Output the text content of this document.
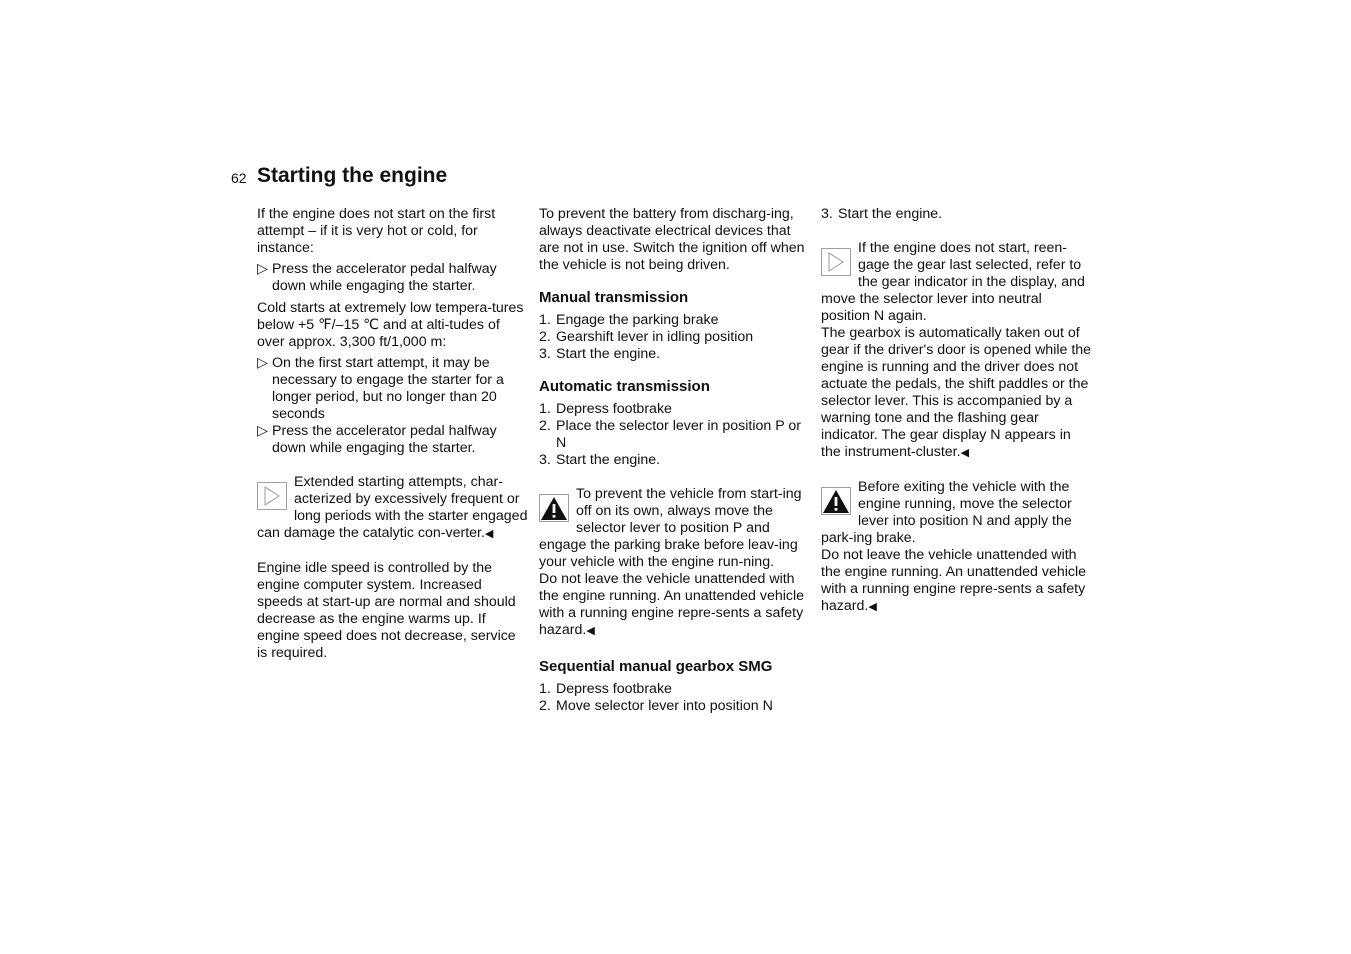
62 Starting the engine

If the engine does not start on the first attempt – if it is very hot or cold, for instance:

▷ Press the accelerator pedal halfway down while engaging the starter.

Cold starts at extremely low tempera-tures below +5 ℉/–15 ℃ and at alti-tudes of over approx. 3,300 ft/1,000 m:

▷ On the first start attempt, it may be necessary to engage the starter for a longer period, but no longer than 20 seconds
▷ Press the accelerator pedal halfway down while engaging the starter.
Extended starting attempts, char-acterized by excessively frequent or long periods with the starter engaged can damage the catalytic con-verter.◀

Engine idle speed is controlled by the engine computer system. Increased speeds at start-up are normal and should decrease as the engine warms up. If engine speed does not decrease, service is required.

To prevent the battery from discharg-ing, always deactivate electrical devices that are not in use. Switch the ignition off when the vehicle is not being driven.

Manual transmission
1. Engage the parking brake
2. Gearshift lever in idling position
3. Start the engine.
Automatic transmission
1. Depress footbrake
2. Place the selector lever in position P or N
3. Start the engine.
To prevent the vehicle from start-ing off on its own, always move the selector lever to position P and engage the parking brake before leav-ing your vehicle with the engine run-ning.
Do not leave the vehicle unattended with the engine running. An unattended vehicle with a running engine repre-sents a safety hazard.◀
Sequential manual gearbox SMG
1. Depress footbrake
2. Move selector lever into position N
3. Start the engine.
If the engine does not start, reen-gage the gear last selected, refer to the gear indicator in the display, and move the selector lever into neutral position N again.
The gearbox is automatically taken out of gear if the driver's door is opened while the engine is running and the driver does not actuate the pedals, the shift paddles or the selector lever. This is accompanied by a warning tone and the flashing gear indicator. The gear display N appears in the instrument-cluster.◀
Before exiting the vehicle with the engine running, move the selector lever into position N and apply the park-ing brake.
Do not leave the vehicle unattended with the engine running. An unattended vehicle with a running engine repre-sents a safety hazard.◀
